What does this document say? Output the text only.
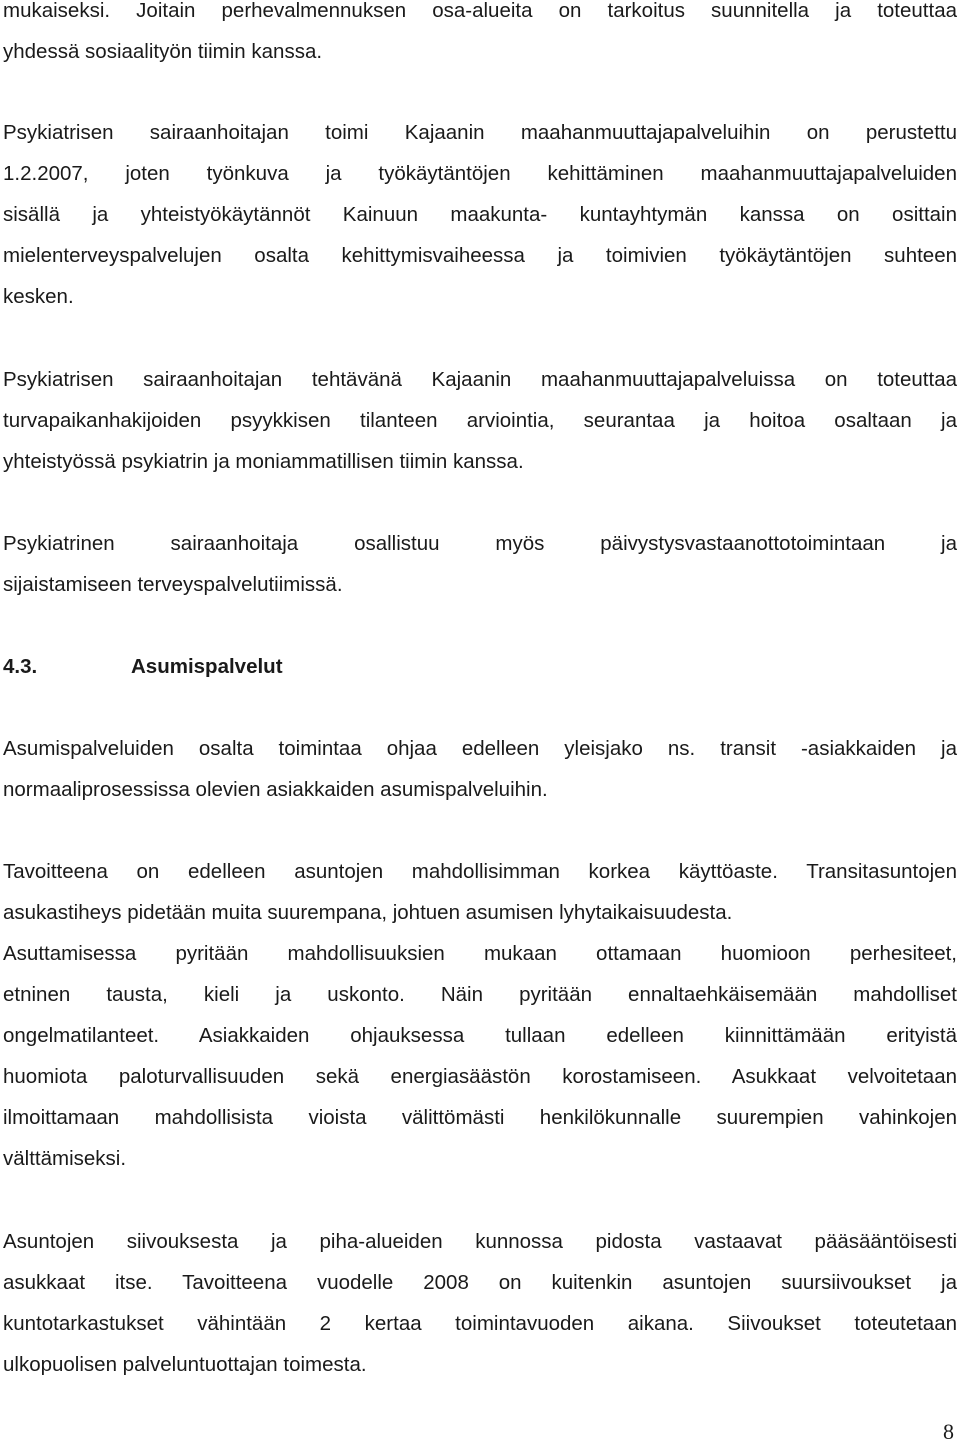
mukaiseksi. Joitain perhevalmennuksen osa-alueita on tarkoitus suunnitella ja toteuttaa
yhdessä sosiaalityön tiimin kanssa.
Psykiatrisen sairaanhoitajan toimi Kajaanin maahanmuuttajapalveluihin on perustettu
1.2.2007, joten työnkuva ja työkäytäntöjen kehittäminen maahanmuuttajapalveluiden
sisällä ja yhteistyökäytännöt Kainuun maakunta- kuntayhtymän kanssa on osittain
mielenterveyspalvelujen osalta kehittymisvaiheessa ja toimivien työkäytäntöjen suhteen
kesken.
Psykiatrisen sairaanhoitajan tehtävänä Kajaanin maahanmuuttajapalveluissa on toteuttaa
turvapaikanhakijoiden psyykkisen tilanteen arviointia, seurantaa ja hoitoa osaltaan ja
yhteistyössä psykiatrin ja moniammatillisen tiimin kanssa.
Psykiatrinen sairaanhoitaja osallistuu myös päivystysvastaanottotoimintaan ja
sijaistamiseen terveyspalvelutiimissä.
4.3.	Asumispalvelut
Asumispalveluiden osalta toimintaa ohjaa edelleen yleisjako ns. transit -asiakkaiden ja
normaaliprosessissa olevien asiakkaiden asumispalveluihin.
Tavoitteena on edelleen asuntojen mahdollisimman korkea käyttöaste. Transitasuntojen
asukastiheys pidetään muita suurempana, johtuen asumisen lyhytaikaisuudesta.
Asuttamisessa pyritään mahdollisuuksien mukaan ottamaan huomioon perhesiteet,
etninen tausta, kieli ja uskonto. Näin pyritään ennaltaehkäisemään mahdolliset
ongelmatilanteet. Asiakkaiden ohjauksessa tullaan edelleen kiinnittämään erityistä
huomiota paloturvallisuuden sekä energiasäästön korostamiseen. Asukkaat velvoitetaan
ilmoittamaan mahdollisista vioista välittömästi henkilökunnalle suurempien vahinkojen
välttämiseksi.
Asuntojen siivouksesta ja piha-alueiden kunnossa pidosta vastaavat pääsääntöisesti
asukkaat itse. Tavoitteena vuodelle 2008 on kuitenkin asuntojen suursiivoukset ja
kuntotarkastukset vähintään 2 kertaa toimintavuoden aikana. Siivoukset toteutetaan
ulkopuolisen palveluntuottajan toimesta.
8
